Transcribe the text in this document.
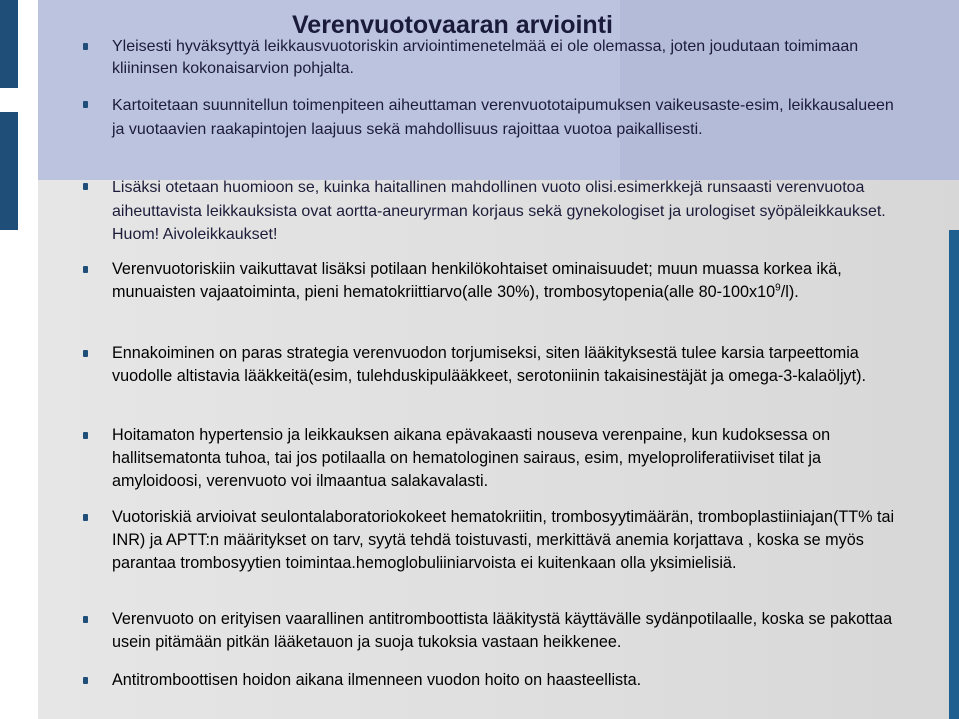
Verenvuotovaaran arviointi
Yleisesti hyväksyttyä leikkausvuotoriskin arviointimenetelmää ei ole olemassa, joten joudutaan toimimaan kliininsen kokonaisarvion pohjalta.
Kartoitetaan suunnitellun toimenpiteen aiheuttaman verenvuototaipumuksen vaikeusaste-esim, leikkausalueen ja vuotaavien raakapintojen laajuus sekä mahdollisuus rajoittaa vuotoa paikallisesti.
Lisäksi otetaan huomioon se, kuinka haitallinen mahdollinen vuoto olisi.esimerkkejä runsaasti verenvuotoa aiheuttavista leikkauksista ovat aortta-aneuryrman korjaus sekä gynekologiset ja urologiset syöpäleikkaukset. Huom! Aivoleikkaukset!
Verenvuotoriskiin vaikuttavat lisäksi potilaan henkilökohtaiset ominaisuudet; muun muassa korkea ikä, munuaisten vajaatoiminta, pieni hematokriittiarvo(alle 30%), trombosytopenia(alle $80-100x10^9/l$).
Ennakoiminen on paras strategia verenvuodon torjumiseksi, siten lääkityksestä tulee karsia tarpeettomia vuodolle altistavia lääkkeitä(esim, tulehduskipulääkkeet, serotoniinin takaisinestäjät ja omega-3-kalaöljyt).
Hoitamaton hypertensio ja leikkauksen aikana epävakaasti nouseva verenpaine, kun kudoksessa on hallitsematonta tuhoa, tai jos potilaalla on hematologinen sairaus, esim, myeloproliferatiiviset tilat ja amyloidoosi, verenvuoto voi ilmaantua salakavalasti.
Vuotoriskiä arvioivat seulontalaboratoriokokeet hematokriitin, trombosyytimäärän, tromboplastiiniajan(TT% tai INR) ja APTT:n määritykset on tarv, syytä tehdä toistuvasti, merkittävä anemia korjattava , koska se myös parantaa trombosyytien toimintaa.hemoglobuliiniarvoista ei kuitenkaan olla yksimielisiä.
Verenvuoto on erityisen vaarallinen antitromboottista lääkitystä käyttävälle sydänpotilaalle, koska se pakottaa usein pitämään pitkän lääketauon ja suoja tukoksia vastaan heikkenee.
Antitromboottisen hoidon aikana ilmenneen vuodon hoito on haasteellista.
